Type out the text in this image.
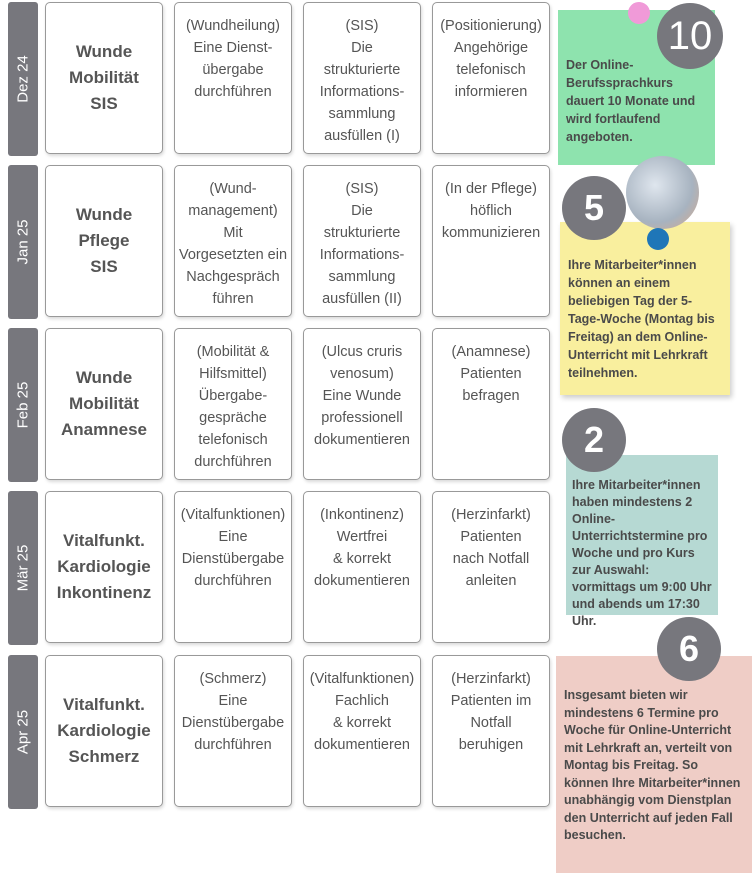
Dez 24
Wunde
Mobilität
SIS
(Wundheilung)
Eine Dienst-
übergabe
durchführen
(SIS)
Die
strukturierte
Informations-
sammlung
ausfüllen (I)
(Positionierung)
Angehörige
telefonisch
informieren
Jan 25
Wunde
Pflege
SIS
(Wund-
management)
Mit
Vorgesetzten ein
Nachgespräch
führen
(SIS)
Die
strukturierte
Informations-
sammlung
ausfüllen (II)
(In der Pflege)
höflich
kommunizieren
Feb 25
Wunde
Mobilität
Anamnese
(Mobilität &
Hilfsmittel)
Übergabe-
gespräche
telefonisch
durchführen
(Ulcus cruris
venosum)
Eine Wunde
professionell
dokumentieren
(Anamnese)
Patienten
befragen
Mär 25
Vitalfunkt.
Kardiologie
Inkontinenz
(Vitalfunktionen)
Eine
Dienstübergabe
durchführen
(Inkontinenz)
Wertfrei
& korrekt
dokumentieren
(Herzinfarkt)
Patienten
nach Notfall
anleiten
Apr 25
Vitalfunkt.
Kardiologie
Schmerz
(Schmerz)
Eine
Dienstübergabe
durchführen
(Vitalfunktionen)
Fachlich
& korrekt
dokumentieren
(Herzinfarkt)
Patienten im
Notfall
beruhigen
Der Online-Berufssprachkurs dauert 10 Monate und wird fortlaufend angeboten.
10
Ihre Mitarbeiter*innen können an einem beliebigen Tag der 5-Tage-Woche (Montag bis Freitag) an dem Online-Unterricht mit Lehrkraft teilnehmen.
5
Ihre Mitarbeiter*innen haben mindestens 2 Online-Unterrichtstermine pro Woche und pro Kurs zur Auswahl: vormittags um 9:00 Uhr und abends um 17:30 Uhr.
2
Insgesamt bieten wir mindestens 6 Termine pro Woche für Online-Unterricht mit Lehrkraft an, verteilt von Montag bis Freitag. So können Ihre Mitarbeiter*innen unabhängig vom Dienstplan den Unterricht auf jeden Fall besuchen.
6
